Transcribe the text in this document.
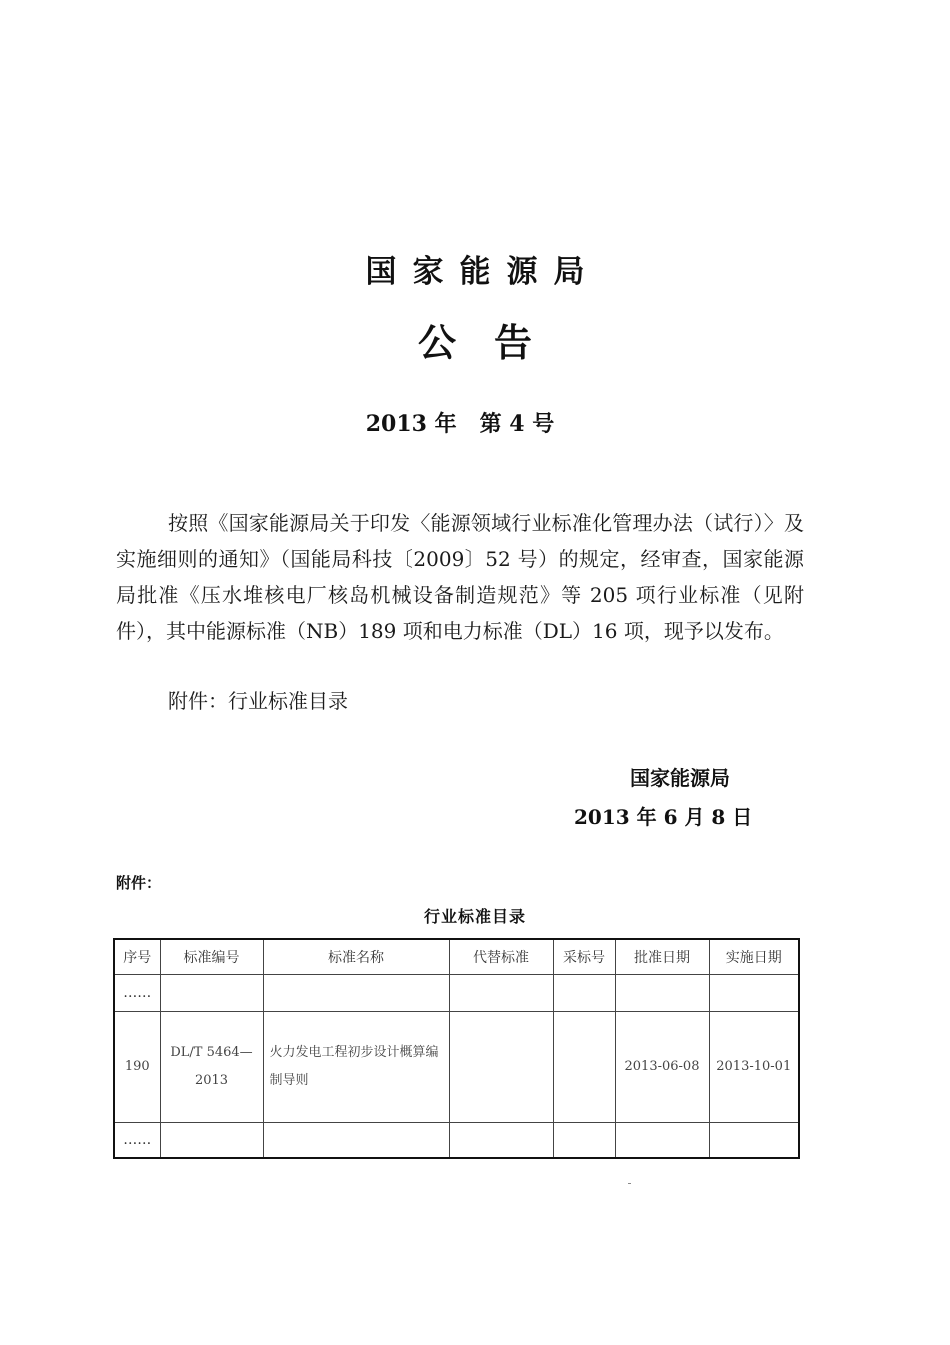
国家能源局
公告
2013 年   第 4 号
按照《国家能源局关于印发〈能源领域行业标准化管理办法（试行）〉及实施细则的通知》（国能局科技〔2009〕52 号）的规定，经审查，国家能源局批准《压水堆核电厂核岛机械设备制造规范》等 205 项行业标准（见附件），其中能源标准（NB）189 项和电力标准（DL）16 项，现予以发布。
附件：行业标准目录
国家能源局
2013 年 6 月 8 日
附件：
行业标准目录
序号	标准编号	标准名称	代替标准	采标号	批准日期	实施日期
……						
190	DL/T 5464—2013	火力发电工程初步设计概算编制导则			2013-06-08	2013-10-01
……						
